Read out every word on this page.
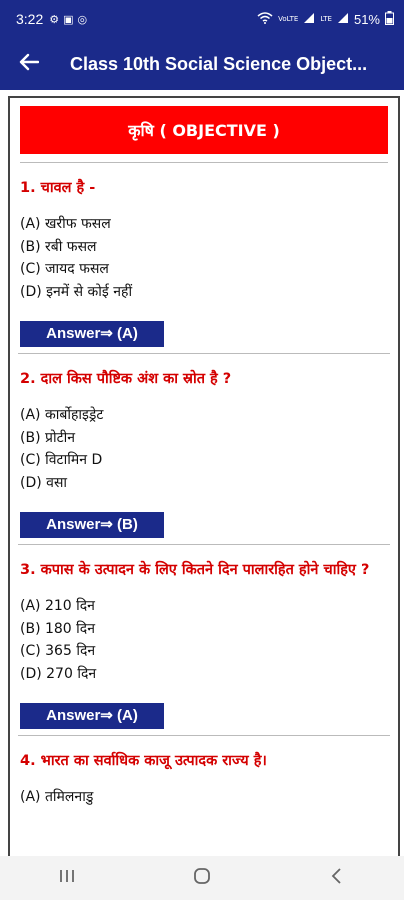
3:22 ⚙ ▣ ◎	VoLTE	LTE 51%
Class 10th Social Science Object...
कृषि ( OBJECTIVE )
1. चावल है -
(A) खरीफ फसल
(B) रबी फसल
(C) जायद फसल
(D) इनमें से कोई नहीं
Answer⇒ (A)
2. दाल किस पौष्टिक अंश का स्रोत है ?
(A) कार्बोहाइड्रेट
(B) प्रोटीन
(C) विटामिन D
(D) वसा
Answer⇒ (B)
3. कपास के उत्पादन के लिए कितने दिन पालारहित होने चाहिए ?
(A) 210 दिन
(B) 180 दिन
(C) 365 दिन
(D) 270 दिन
Answer⇒ (A)
4. भारत का सर्वाधिक काजू उत्पादक राज्य है।
(A) तमिलनाडु
